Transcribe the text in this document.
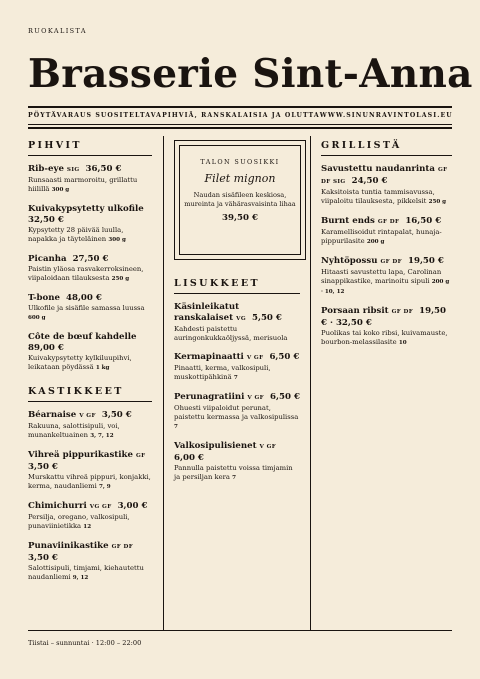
RUOKALISTA
Brasserie Sint-Anna
PÖYTÄVARAUS SUOSITELTAVA PIHVIÄ, RANSKALAISIA JA OLUTTA WWW.SINUNRAVINTOLASI.EU
PIHVIT
Rib-eye SIG 36,50 €
Runsaasti marmoroitu, grillattu hiilillä 300 g
Kuivakypsytetty ulkofile  32,50 €
Kypsytetty 28 päivää luulla, napakka ja täyteläinen 300 g
Picanha 27,50 €
Paistin yläosa rasvakerroksineen, viipaloidaan tilauksesta 250 g
T-bone 48,00 €
Ulkofile ja sisäfile samassa luussa 600 g
Côte de bœuf kahdelle  89,00 €
Kuivakypsytetty kylkiluupihvi, leikataan pöydässä 1 kg
KASTIKKEET
Béarnaise V GF 3,50 €
Rakuuna, salottisipuli, voi, munankeltuainen 3, 7, 12
Vihreä pippurikastike GF  3,50 €
Murskattu vihreä pippuri, konjakki, kerma, naudanliemi 7, 9
Chimichurri VG GF 3,00 €
Persilja, oregano, valkosipuli, punaviinietikka 12
Punaviinikastike GF DF  3,50 €
Salottisipuli, timjami, kiehautettu naudanliemi 9, 12
TALON SUOSIKKI
Filet mignon
Naudan sisäfileen keskiosa, mureinta ja vähärasvaisinta lihaa
39,50 €
LISUKKEET
Käsinleikatut ranskalaiset VG 5,50 €
Kahdesti paistettu auringonkukkaöljyssä, merisuola
Kermapinaatti V GF 6,50 €
Pinaatti, kerma, valkosipuli, muskottipähkinä 7
Perunagratiini V GF 6,50 €
Ohuesti viipaloidut perunat, paistettu kermassa ja valkosipulissa 7
Valkosipulisienet V GF  6,00 €
Pannulla paistettu voissa timjamin ja persiljan kera 7
GRILLISTÄ
Savustettu naudanrinta GF DF SIG 24,50 €
Kaksitoista tuntia tammisavussa, viipaloitu tilauksesta, pikkelsit 250 g
Burnt ends GF DF 16,50 €
Karamellisoidut rintapalat, hunaja-pippurilasite 200 g
Nyhtöpossu GF DF 19,50 €
Hitaasti savustettu lapa, Carolinan sinappikastike, marinoitu sipuli 200 g · 10, 12
Porsaan ribsit GF DF 19,50 € · 32,50 €
Puolikas tai koko ribsi, kuivamauste, bourbon-melassilasite 10
Tiistai – sunnuntai · 12:00 – 22:00
